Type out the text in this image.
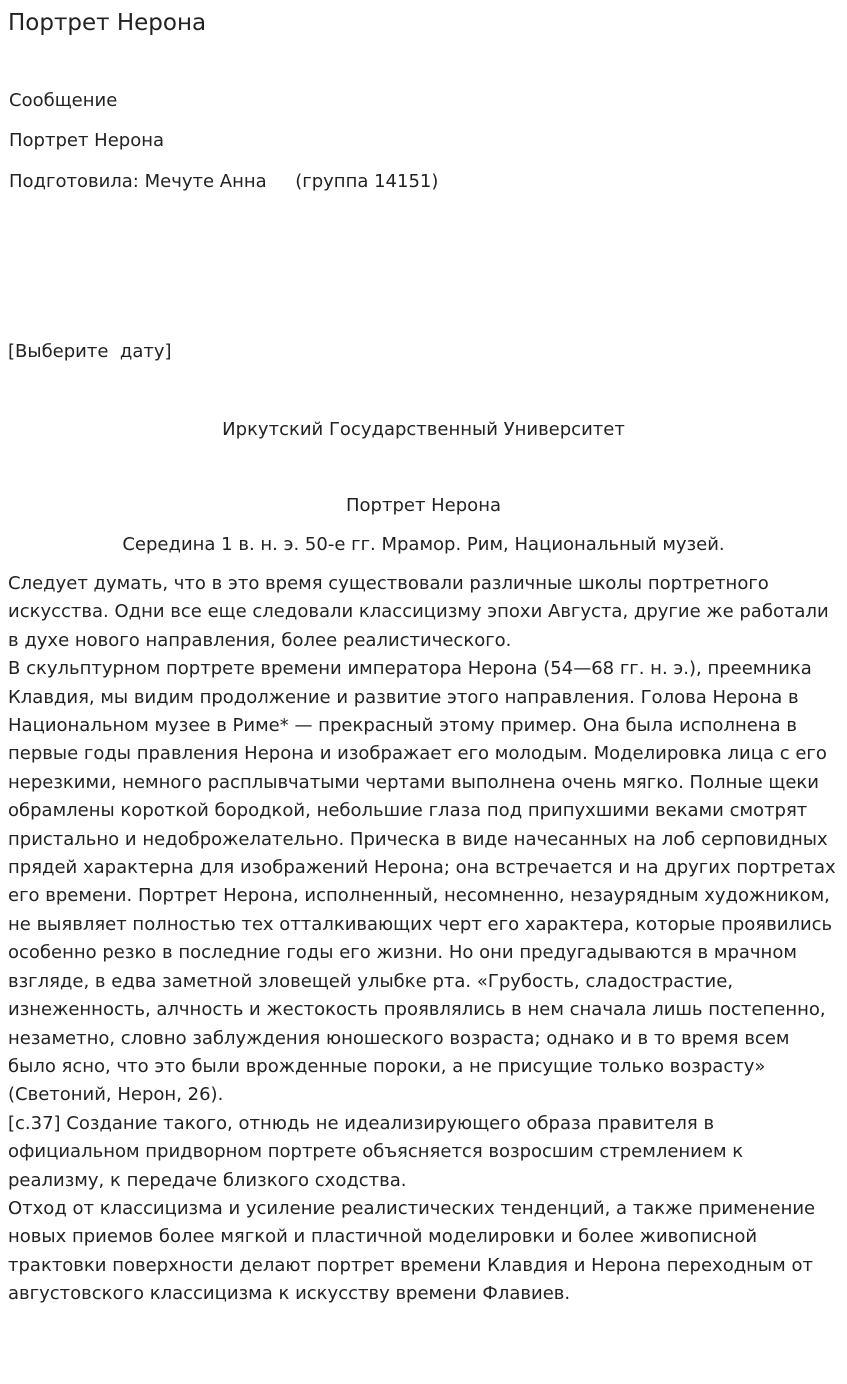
Портрет Нерона
Сообщение
Портрет Нерона
Подготовила: Мечуте Анна     (группа 14151)
[Выберите  дату]
Иркутский Государственный Университет
Портрет Нерона
Середина 1 в. н. э. 50-е гг. Мрамор. Рим, Национальный музей.

Следует думать, что в это время существовали различные школы портретного искусства. Одни все еще следовали классицизму эпохи Августа, другие же работали в духе нового направления, более реалистического.

В скульптурном портрете времени императора Нерона (54—68 гг. н. э.), преемника Клавдия, мы видим продолжение и развитие этого направления. Голова Нерона в Национальном музее в Риме* — прекрасный этому пример. Она была исполнена в первые годы правления Нерона и изображает его молодым. Моделировка лица с его нерезкими, немного расплывчатыми чертами выполнена очень мягко. Полные щеки обрамлены короткой бородкой, небольшие глаза под припухшими веками смотрят пристально и недоброжелательно. Прическа в виде начесанных на лоб серповидных прядей характерна для изображений Нерона; она встречается и на других портретах его времени. Портрет Нерона, исполненный, несомненно, незаурядным художником, не выявляет полностью тех отталкивающих черт его характера, которые проявились особенно резко в последние годы его жизни. Но они предугадываются в мрачном взгляде, в едва заметной зловещей улыбке рта. «Грубость, сладострастие, изнеженность, алчность и жестокость проявлялись в нем сначала лишь постепенно, незаметно, словно заблуждения юношеского возраста; однако и в то время всем было ясно, что это были врожденные пороки, а не присущие только возрасту» (Светоний, Нерон, 26).

[с.37] Создание такого, отнюдь не идеализирующего образа правителя в официальном придворном портрете объясняется возросшим стремлением к реализму, к передаче близкого сходства.

Отход от классицизма и усиление реалистических тенденций, а также применение новых приемов более мягкой и пластичной моделировки и более живописной трактовки поверхности делают портрет времени Клавдия и Нерона переходным от августовского классицизма к искусству времени Флавиев.
